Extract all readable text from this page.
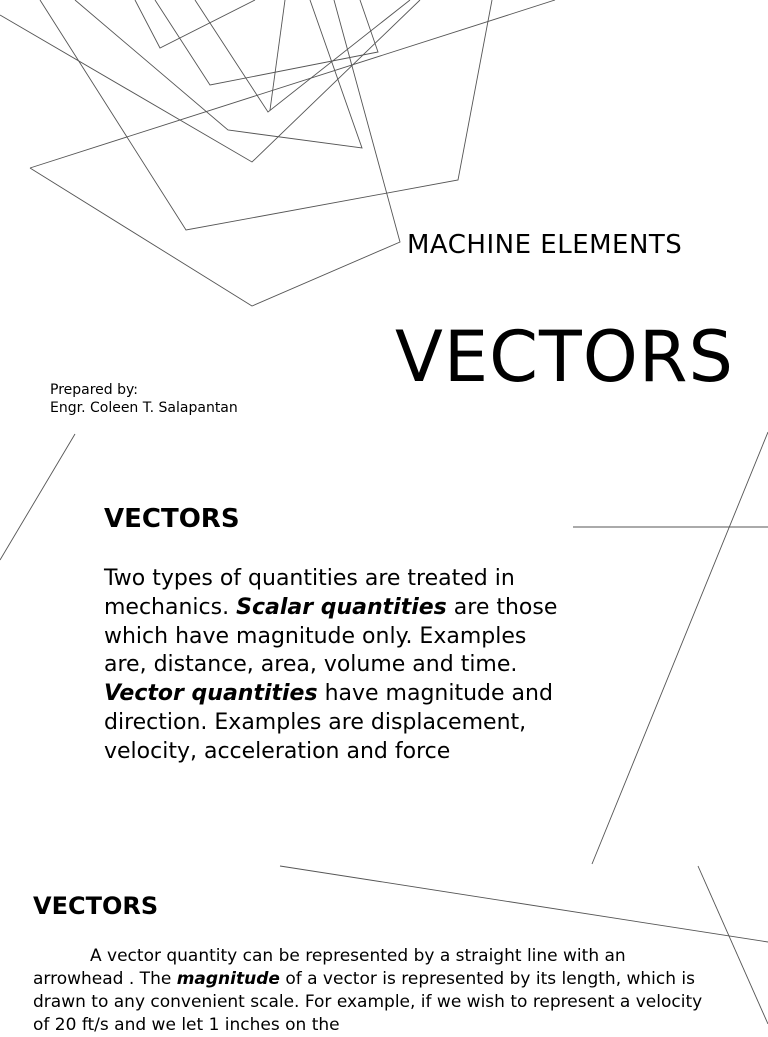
MACHINE ELEMENTS
VECTORS
Prepared by:
Engr. Coleen T. Salapantan
VECTORS
Two types of quantities are treated in mechanics. Scalar quantities are those which have magnitude only. Examples are, distance, area, volume and time. Vector quantities have magnitude and direction. Examples are displacement, velocity, acceleration and force
VECTORS
A vector quantity can be represented by a straight line with an arrowhead . The magnitude of a vector is represented by its length, which is drawn to any convenient scale. For example, if we wish to represent a velocity of 20 ft/s and we let 1 inches on the
